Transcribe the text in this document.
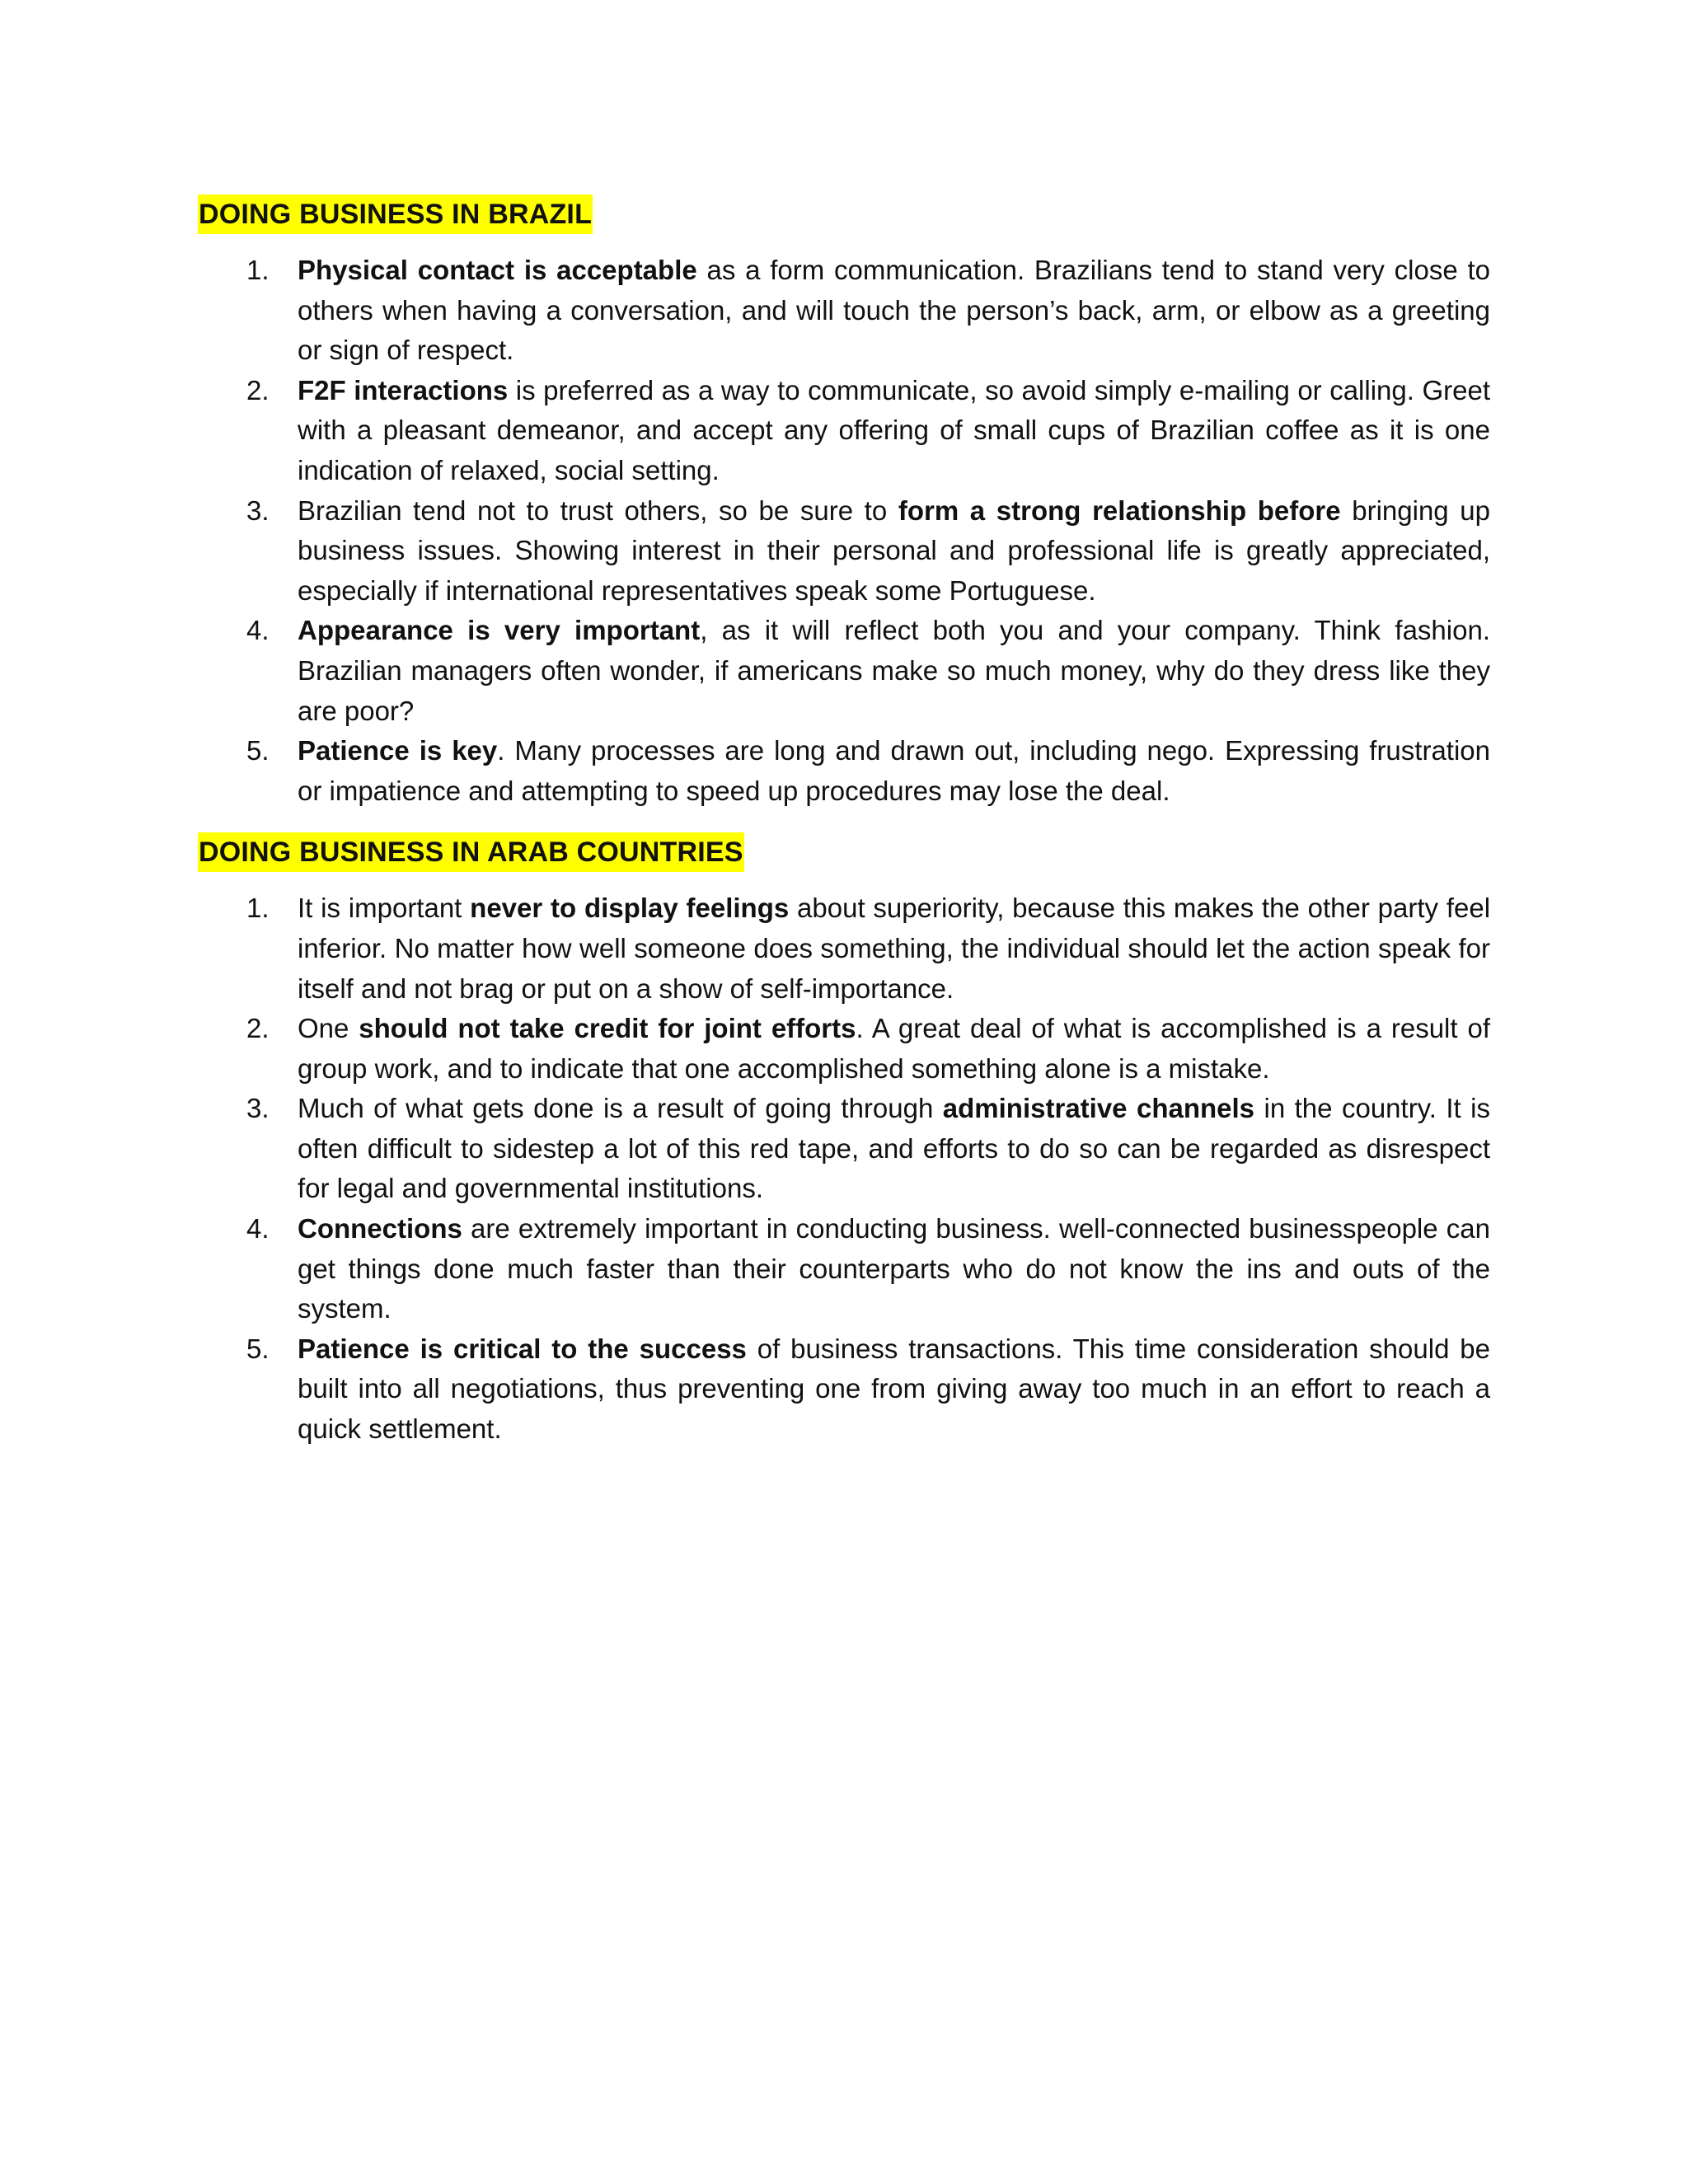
DOING BUSINESS IN BRAZIL
1.	Physical contact is acceptable as a form communication. Brazilians tend to stand very close to others when having a conversation, and will touch the person’s back, arm, or elbow as a greeting or sign of respect.
2.	F2F interactions is preferred as a way to communicate, so avoid simply e-mailing or calling. Greet with a pleasant demeanor, and accept any offering of small cups of Brazilian coffee as it is one indication of relaxed, social setting.
3.	Brazilian tend not to trust others, so be sure to form a strong relationship before bringing up business issues. Showing interest in their personal and professional life is greatly appreciated, especially if international representatives speak some Portuguese.
4.	Appearance is very important, as it will reflect both you and your company. Think fashion. Brazilian managers often wonder, if americans make so much money, why do they dress like they are poor?
5.	Patience is key. Many processes are long and drawn out, including nego. Expressing frustration or impatience and attempting to speed up procedures may lose the deal.
DOING BUSINESS IN ARAB COUNTRIES
1.	It is important never to display feelings about superiority, because this makes the other party feel inferior. No matter how well someone does something, the individual should let the action speak for itself and not brag or put on a show of self-importance.
2.	One should not take credit for joint efforts. A great deal of what is accomplished is a result of group work, and to indicate that one accomplished something alone is a mistake.
3.	Much of what gets done is a result of going through administrative channels in the country. It is often difficult to sidestep a lot of this red tape, and efforts to do so can be regarded as disrespect for legal and governmental institutions.
4.	Connections are extremely important in conducting business. well-connected businesspeople can get things done much faster than their counterparts who do not know the ins and outs of the system.
5.	Patience is critical to the success of business transactions. This time consideration should be built into all negotiations, thus preventing one from giving away too much in an effort to reach a quick settlement.
